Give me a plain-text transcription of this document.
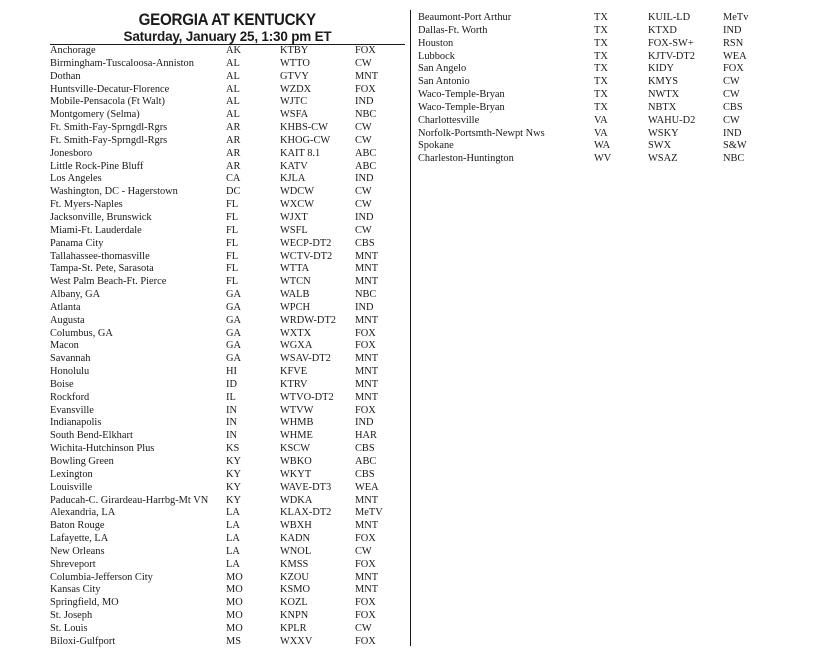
GEORGIA AT KENTUCKY
Saturday, January 25, 1:30 pm ET
Anchorage	AK	KTBY	FOX
Birmingham-Tuscaloosa-Anniston	AL	WTTO	CW
Dothan	AL	GTVY	MNT
Huntsville-Decatur-Florence	AL	WZDX	FOX
Mobile-Pensacola (Ft Walt)	AL	WJTC	IND
Montgomery (Selma)	AL	WSFA	NBC
Ft. Smith-Fay-Sprngdl-Rgrs	AR	KHBS-CW	CW
Ft. Smith-Fay-Sprngdl-Rgrs	AR	KHOG-CW CW
Jonesboro	AR	KAIT 8.1	ABC
Little Rock-Pine Bluff	AR	KATV	ABC
Los Angeles	CA	KJLA	IND
Washington, DC - Hagerstown	DC	WDCW	CW
Ft. Myers-Naples	FL	WXCW	CW
Jacksonville, Brunswick	FL	WJXT	IND
Miami-Ft. Lauderdale	FL	WSFL	CW
Panama City	FL	WECP-DT2 CBS
Tallahassee-thomasville	FL	WCTV-DT2 MNT
Tampa-St. Pete, Sarasota	FL	WTTA	MNT
West Palm Beach-Ft. Pierce	FL	WTCN	MNT
Albany, GA	GA	WALB	NBC
Atlanta	GA	WPCH	IND
Augusta	GA	WRDW-DT2 MNT
Columbus, GA	GA	WXTX	FOX
Macon	GA	WGXA	FOX
Savannah	GA	WSAV-DT2 MNT
Honolulu	HI	KFVE	MNT
Boise	ID	KTRV	MNT
Rockford	IL	WTVO-DT2 MNT
Evansville	IN	WTVW	FOX
Indianapolis	IN	WHMB	IND
South Bend-Elkhart	IN	WHME	HAR
Wichita-Hutchinson Plus	KS	KSCW	CBS
Bowling Green	KY	WBKO	ABC
Lexington	KY	WKYT	CBS
Louisville	KY	WAVE-DT3 WEA
Paducah-C. Girardeau-Harrbg-Mt VN KY	WDKA	MNT
Alexandria, LA	LA	KLAX-DT2 MeTV
Baton Rouge	LA	WBXH	MNT
Lafayette, LA	LA	KADN	FOX
New Orleans	LA	WNOL	CW
Shreveport	LA	KMSS	FOX
Columbia-Jefferson City	MO	KZOU	MNT
Kansas City	MO	KSMO	MNT
Springfield, MO	MO	KOZL	FOX
St. Joseph	MO	KNPN	FOX
St. Louis	MO	KPLR	CW
Biloxi-Gulfport	MS	WXXV	FOX
Beaumont-Port Arthur	TX	KUIL-LD	MeTv
Dallas-Ft. Worth	TX	KTXD	IND
Houston	TX	FOX-SW+	RSN
Lubbock	TX	KJTV-DT2	WEA
San Angelo	TX	KIDY	FOX
San Antonio	TX	KMYS	CW
Waco-Temple-Bryan	TX	NWTX	CW
Waco-Temple-Bryan	TX	NBTX	CBS
Charlottesville	VA	WAHU-D2	CW
Norfolk-Portsmth-Newpt Nws	VA	WSKY	IND
Spokane	WA	SWX	S&W
Charleston-Huntington	WV	WSAZ	NBC
